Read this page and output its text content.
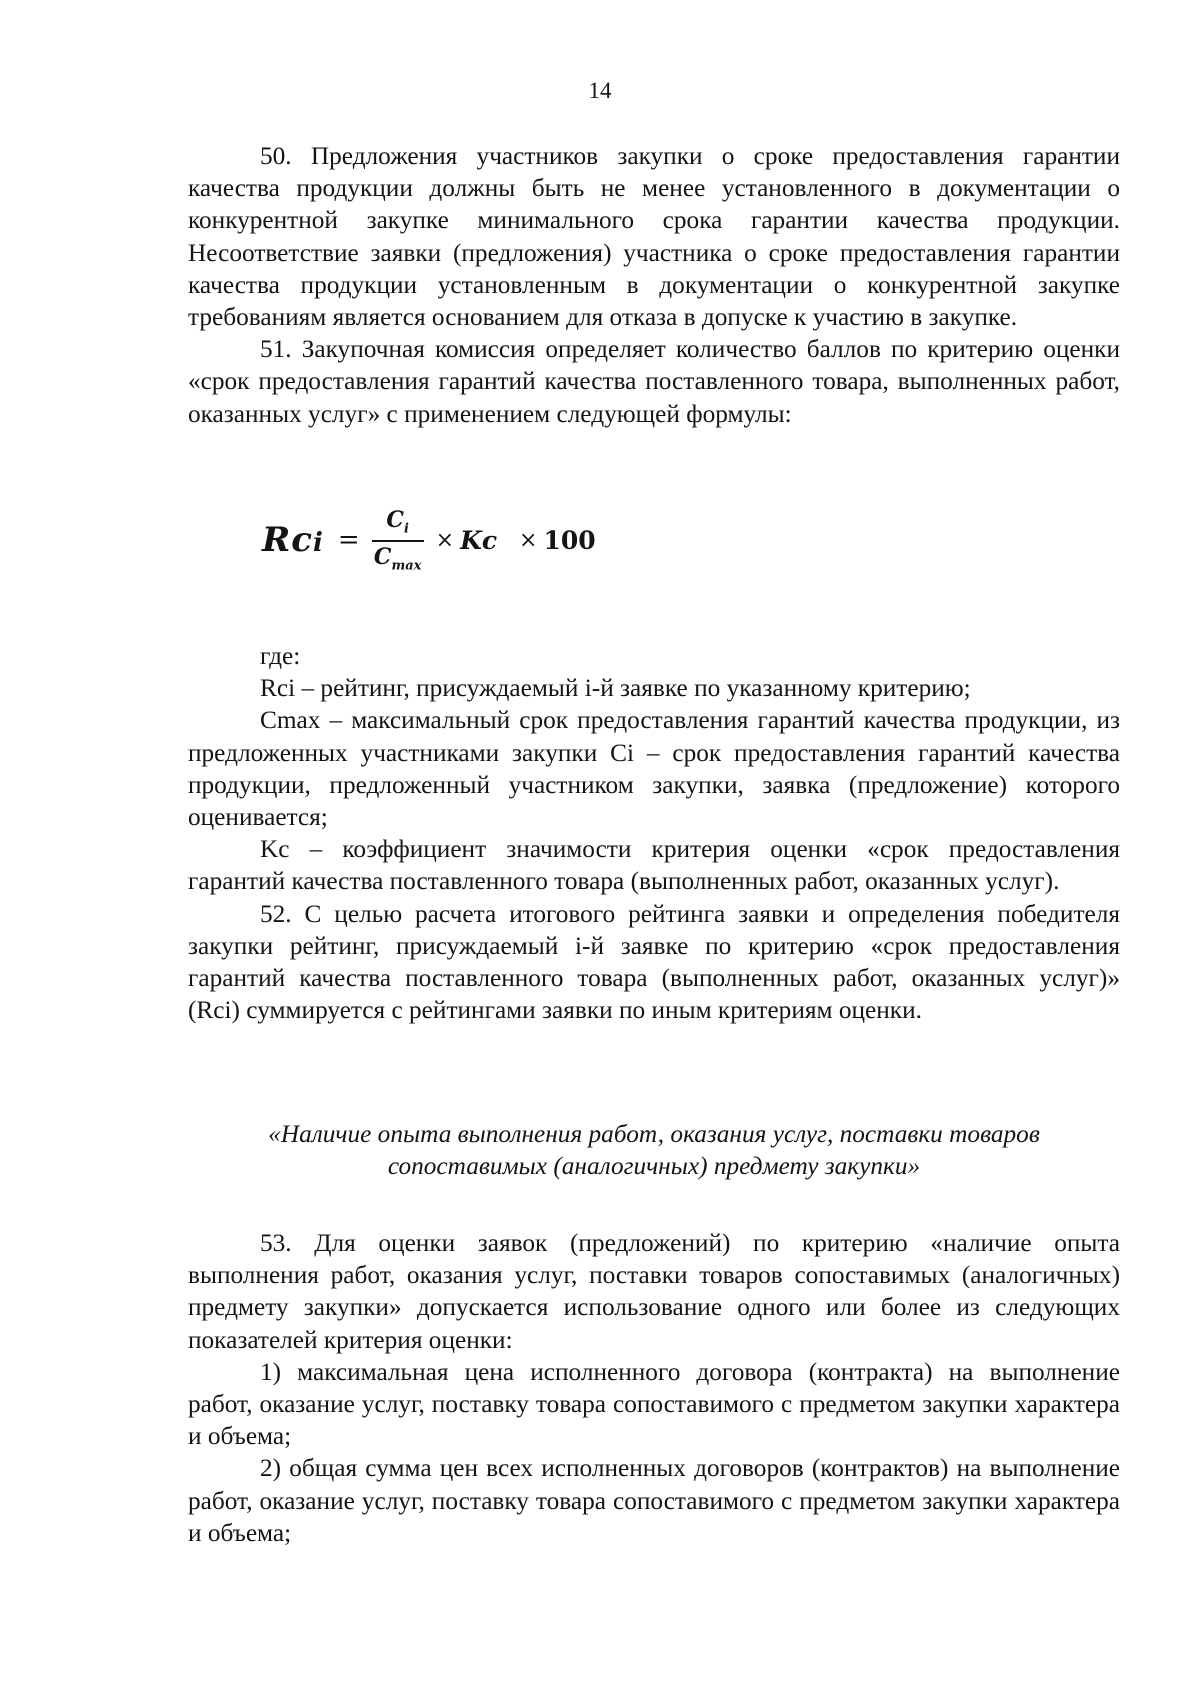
14

50. Предложения участников закупки о сроке предоставления гарантии качества продукции должны быть не менее установленного в документации о конкурентной закупке минимального срока гарантии качества продукции. Несоответствие заявки (предложения) участника о сроке предоставления гарантии качества продукции установленным в документации о конкурентной закупке требованиям является основанием для отказа в допуске к участию в закупке.

51. Закупочная комиссия определяет количество баллов по критерию оценки «срок предоставления гарантий качества поставленного товара, выполненных работ, оказанных услуг» с применением следующей формулы:

Rci = $\frac{C_i}{C_{max}} \times Kc \times 100$

где:

Rci – рейтинг, присуждаемый i-й заявке по указанному критерию;

Cmax – максимальный срок предоставления гарантий качества продукции, из предложенных участниками закупки Ci – срок предоставления гарантий качества продукции, предложенный участником закупки, заявка (предложение) которого оценивается;

Kc – коэффициент значимости критерия оценки «срок предоставления гарантий качества поставленного товара (выполненных работ, оказанных услуг).

52. С целью расчета итогового рейтинга заявки и определения победителя закупки рейтинг, присуждаемый i-й заявке по критерию «срок предоставления гарантий качества поставленного товара (выполненных работ, оказанных услуг)» (Rci) суммируется с рейтингами заявки по иным критериям оценки.

«Наличие опыта выполнения работ, оказания услуг, поставки товаров сопоставимых (аналогичных) предмету закупки»

53. Для оценки заявок (предложений) по критерию «наличие опыта выполнения работ, оказания услуг, поставки товаров сопоставимых (аналогичных) предмету закупки» допускается использование одного или более из следующих показателей критерия оценки:

1) максимальная цена исполненного договора (контракта) на выполнение работ, оказание услуг, поставку товара сопоставимого с предметом закупки характера и объема;

2) общая сумма цен всех исполненных договоров (контрактов) на выполнение работ, оказание услуг, поставку товара сопоставимого с предметом закупки характера и объема;
